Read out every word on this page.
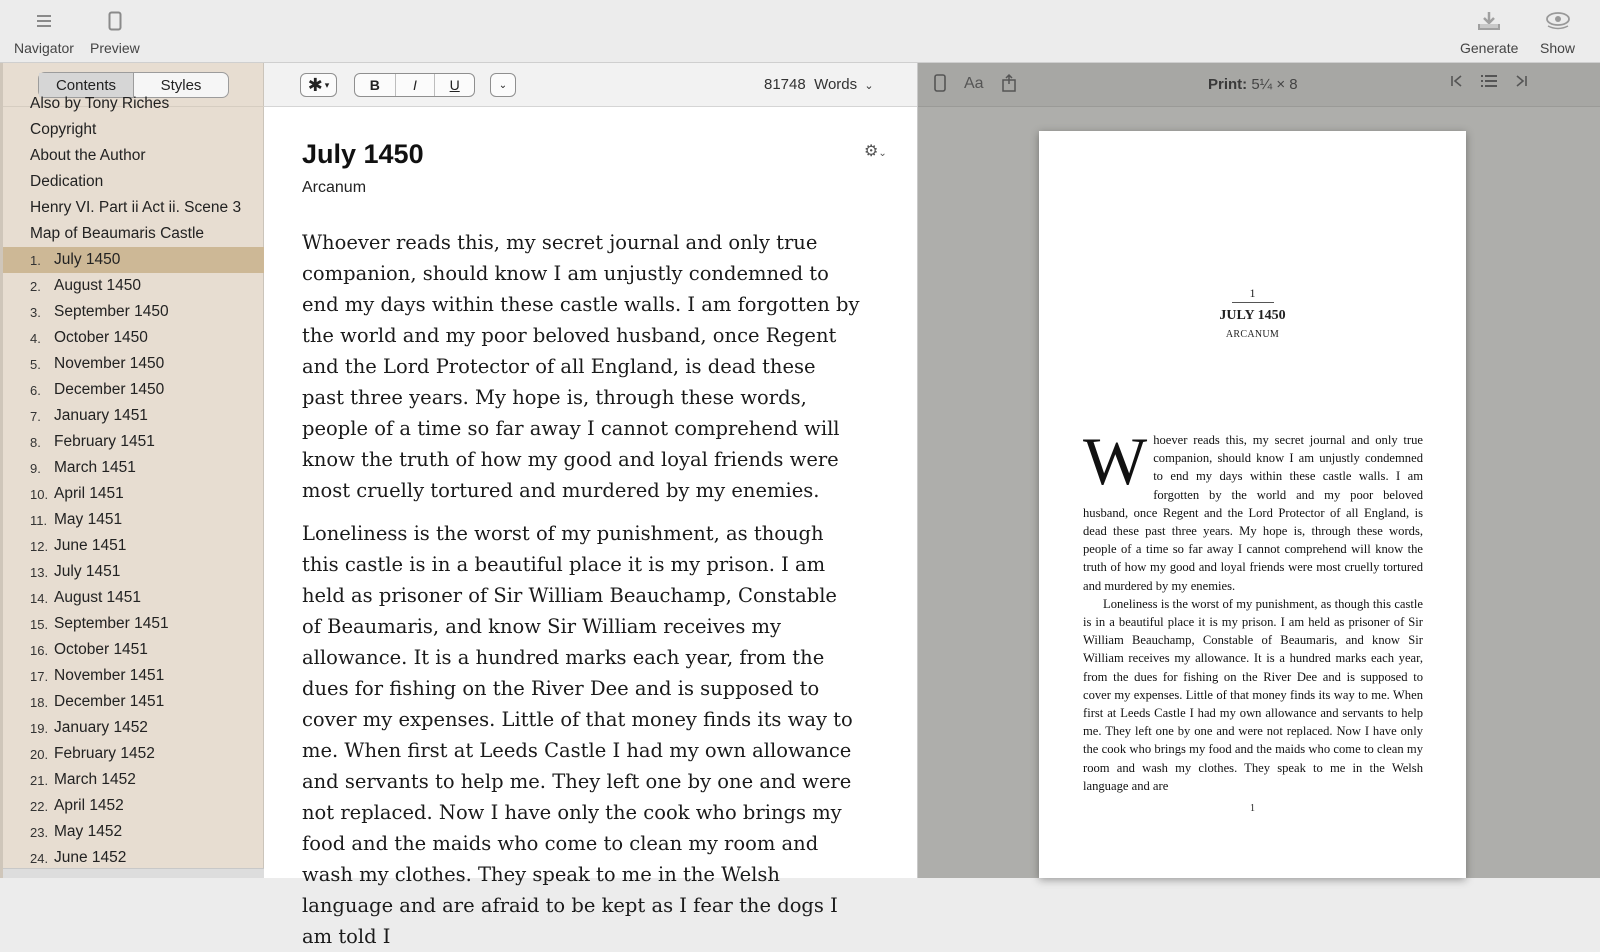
Navigator Preview	Generate Show
Contents	Styles
Also by Tony Riches
Copyright
About the Author
Dedication
Henry VI. Part ii Act ii. Scene 3
Map of Beaumaris Castle
1. July 1450
2. August 1450
3. September 1450
4. October 1450
5. November 1450
6. December 1450
7. January 1451
8. February 1451
9. March 1451
10. April 1451
11. May 1451
12. June 1451
13. July 1451
14. August 1451
15. September 1451
16. October 1451
17. November 1451
18. December 1451
19. January 1452
20. February 1452
21. March 1452
22. April 1452
23. May 1452
24. June 1452
✱ ▾	B	I	U	⌄	81748 Words ⌄
July 1450
Arcanum
⚙⌄

Whoever reads this, my secret journal and only true companion, should know I am unjustly condemned to end my days within these castle walls. I am forgotten by the world and my poor beloved husband, once Regent and the Lord Protector of all England, is dead these past three years. My hope is, through these words, people of a time so far away I cannot comprehend will know the truth of how my good and loyal friends were most cruelly tortured and murdered by my enemies.

Loneliness is the worst of my punishment, as though this castle is in a beautiful place it is my prison. I am held as prisoner of Sir William Beauchamp, Constable of Beaumaris, and know Sir William receives my allowance. It is a hundred marks each year, from the dues for fishing on the River Dee and is supposed to cover my expenses. Little of that money finds its way to me. When first at Leeds Castle I had my own allowance and servants to help me. They left one by one and were not replaced. Now I have only the cook who brings my food and the maids who come to clean my room and wash my clothes. They speak to me in the Welsh language and are afraid to be kept as I fear the dogs I am told I

Aa	Print: 5¼ × 8
1
JULY 1450
ARCANUM

Whoever reads this, my secret journal and only true companion, should know I am unjustly condemned to end my days within these castle walls. I am forgotten by the world and my poor beloved husband, once Regent and the Lord Protector of all England, is dead these past three years. My hope is, through these words, people of a time so far away I cannot comprehend will know the truth of how my good and loyal friends were most cruelly tortured and murdered by my enemies.

Loneliness is the worst of my punishment, as though this castle is in a beautiful place it is my prison. I am held as prisoner of Sir William Beauchamp, Constable of Beaumaris, and know Sir William receives my allowance. It is a hundred marks each year, from the dues for fishing on the River Dee and is supposed to cover my expenses. Little of that money finds its way to me. When first at Leeds Castle I had my own allowance and servants to help me. They left one by one and were not replaced. Now I have only the cook who brings my food and the maids who come to clean my room and wash my clothes. They speak to me in the Welsh language and are

1
